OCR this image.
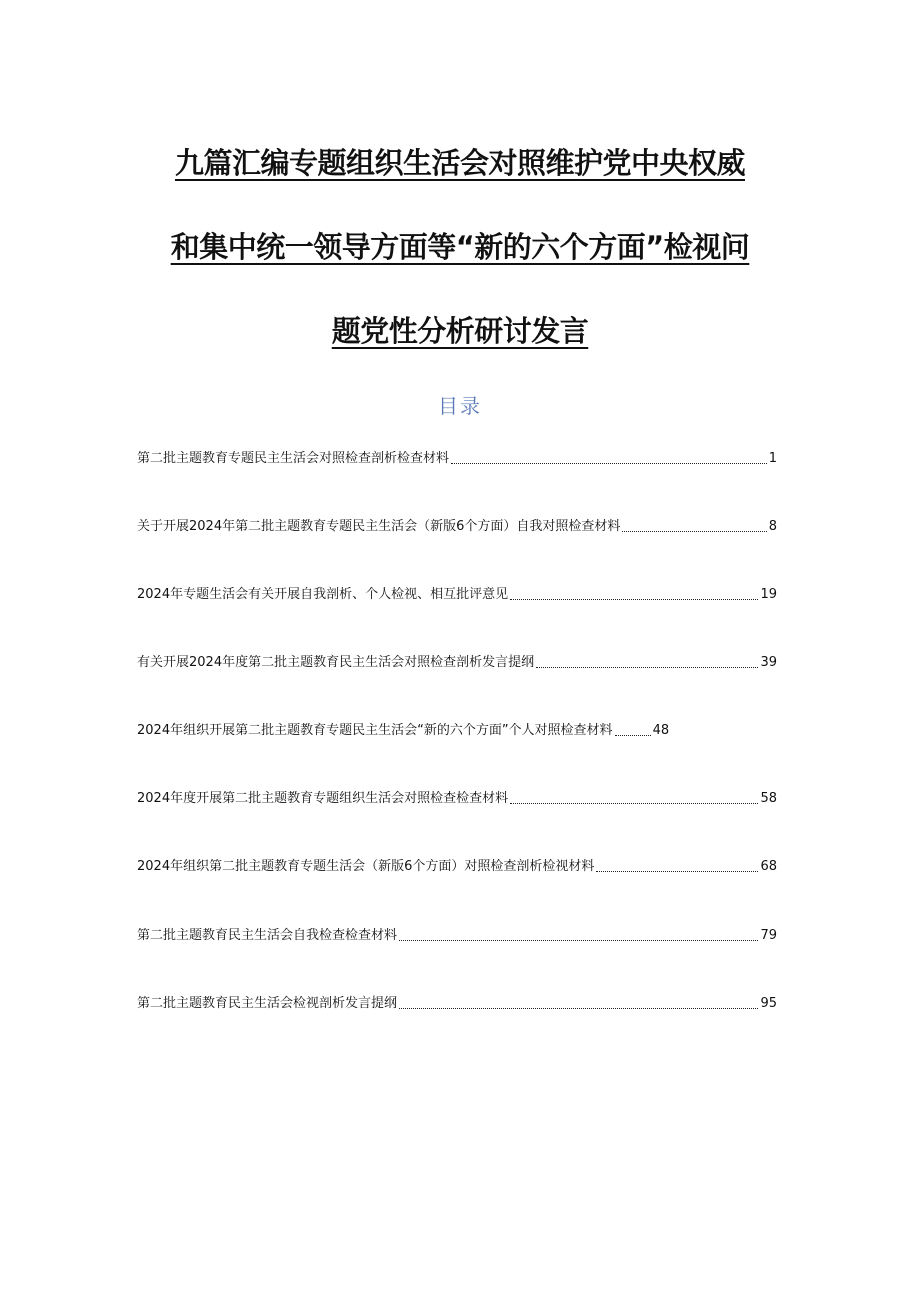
九篇汇编专题组织生活会对照维护党中央权威
和集中统一领导方面等“新的六个方面”检视问
题党性分析研讨发言
目录
第二批主题教育专题民主生活会对照检查剖析检查材料	1
关于开展2024年第二批主题教育专题民主生活会（新版6个方面）自我对照检查材料	8
2024年专题生活会有关开展自我剖析、个人检视、相互批评意见	19
有关开展2024年度第二批主题教育民主生活会对照检查剖析发言提纲	39
2024年组织开展第二批主题教育专题民主生活会“新的六个方面”个人对照检查材料	48
2024年度开展第二批主题教育专题组织生活会对照检查检查材料	58
2024年组织第二批主题教育专题生活会（新版6个方面）对照检查剖析检视材料	68
第二批主题教育民主生活会自我检查检查材料	79
第二批主题教育民主生活会检视剖析发言提纲	95
